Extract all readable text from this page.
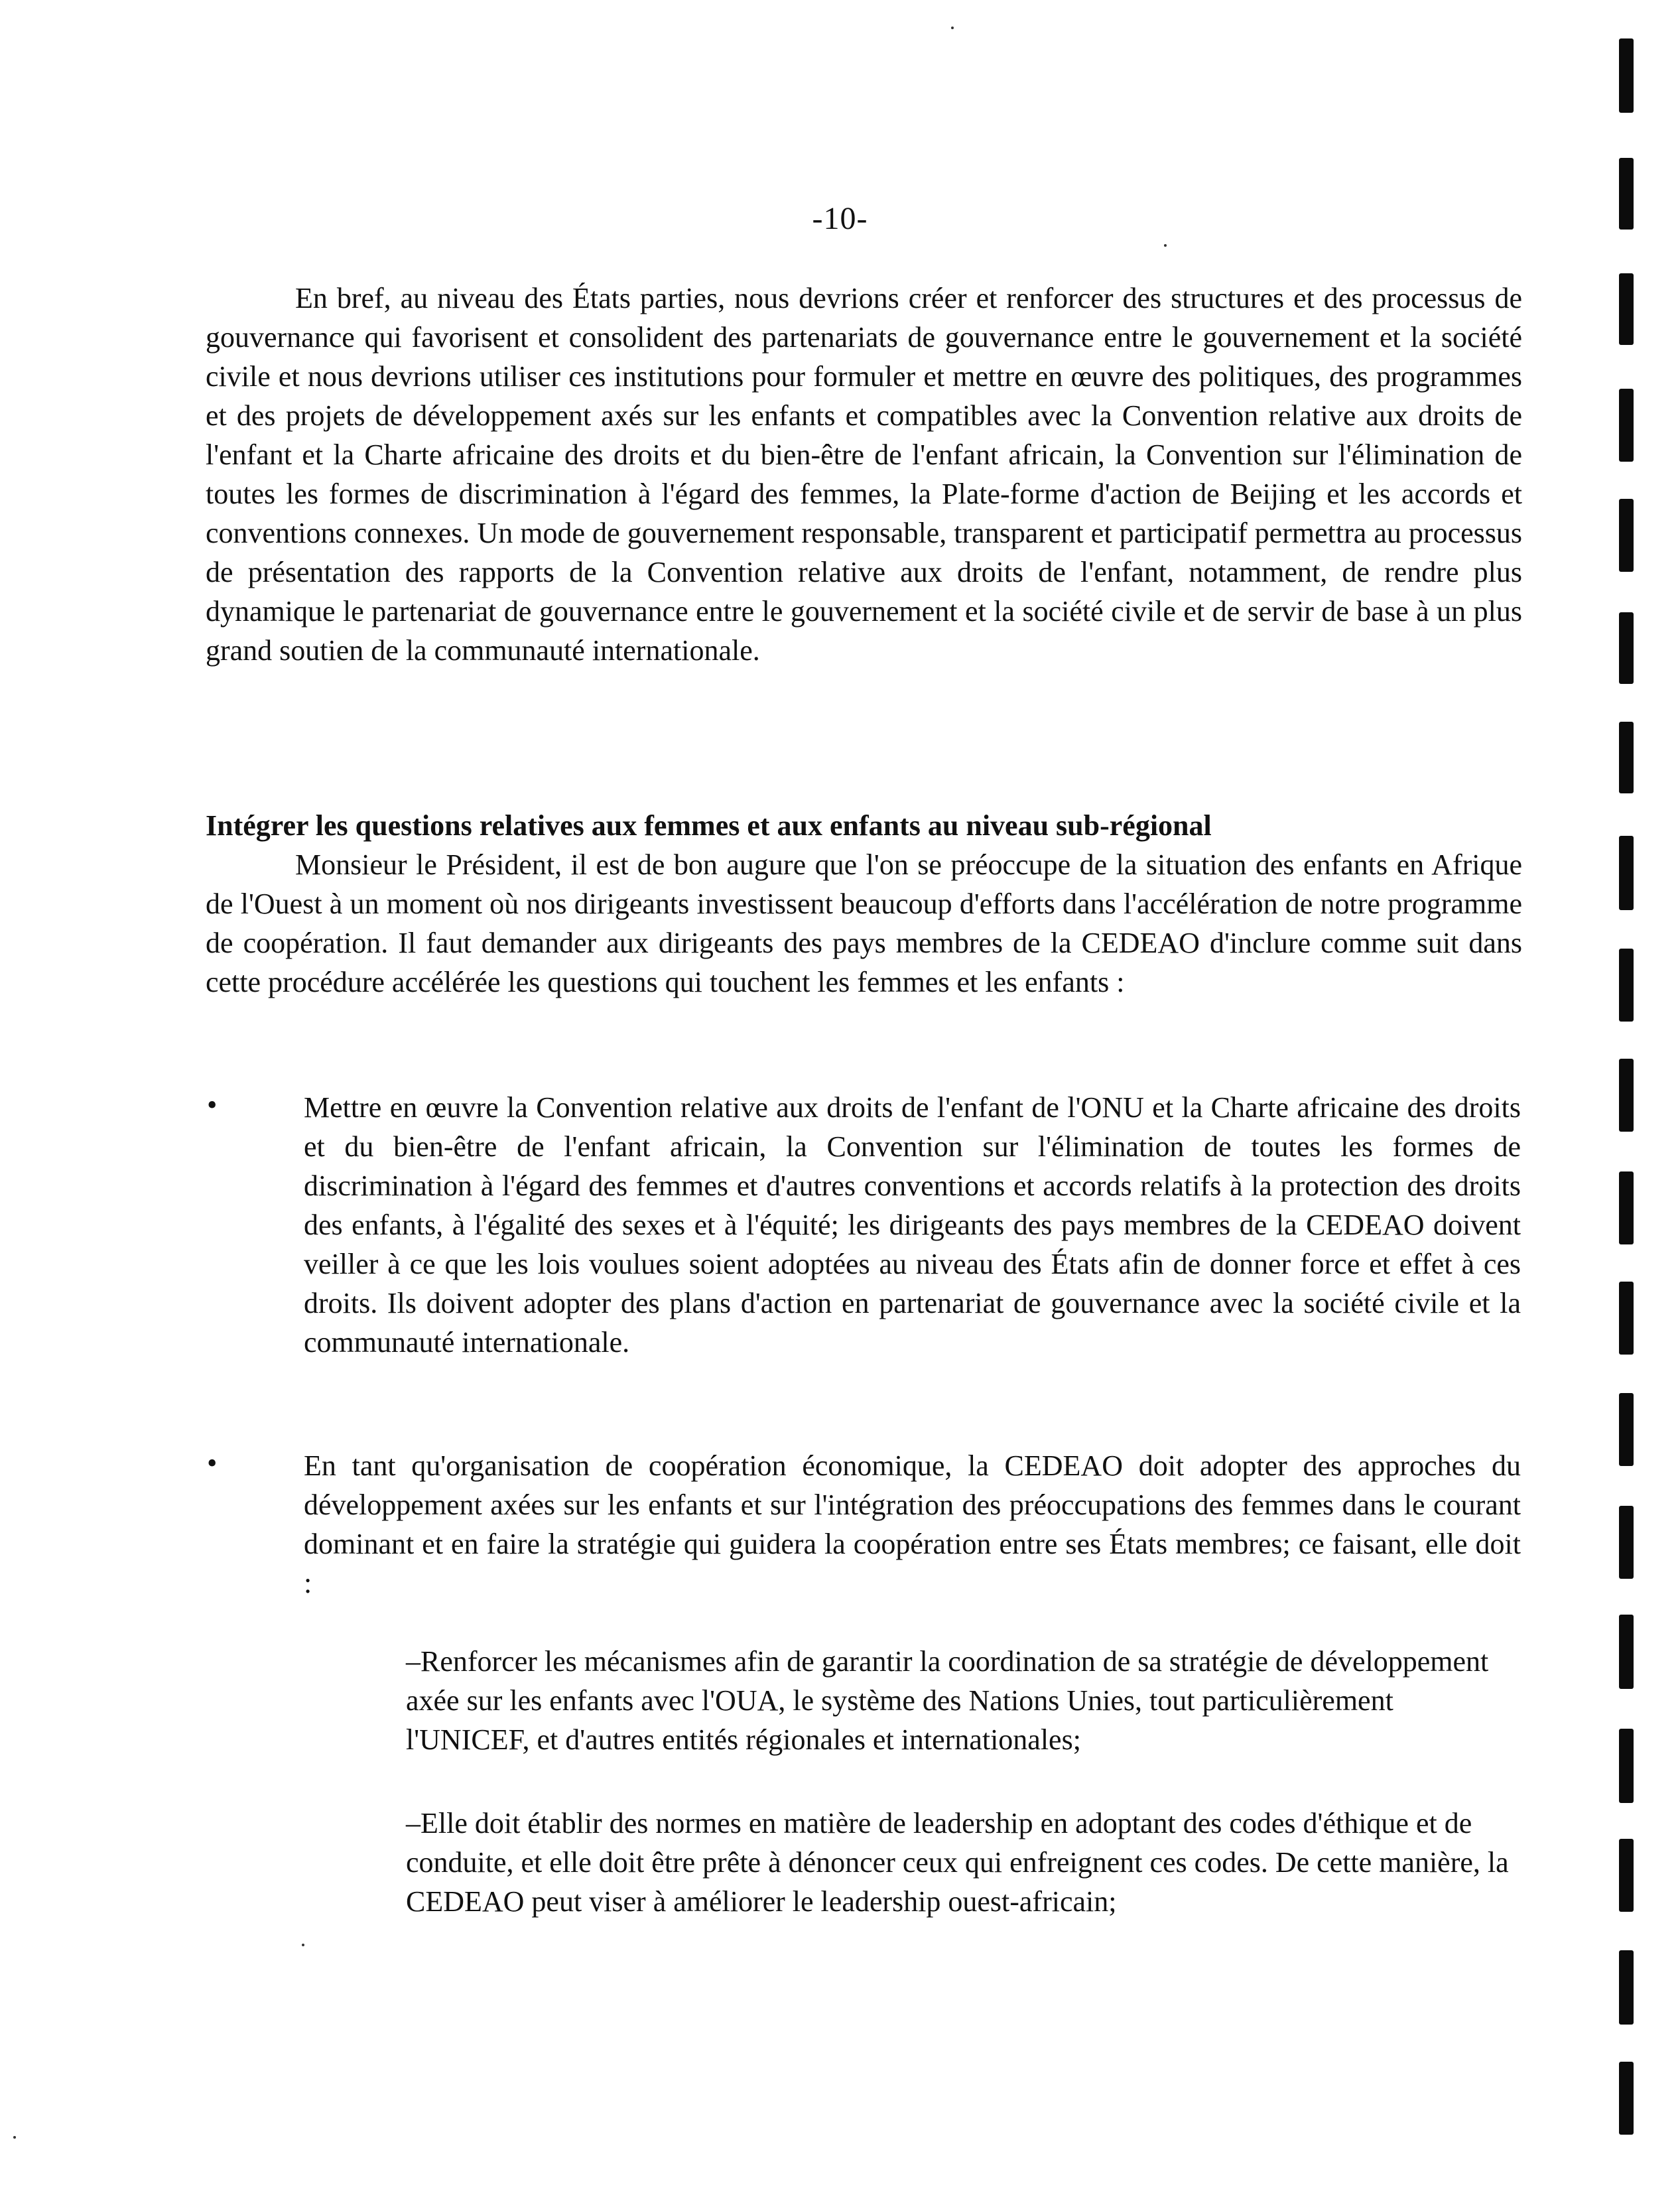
-10-
En bref, au niveau des États parties, nous devrions créer et renforcer des structures et des processus de gouvernance qui favorisent et consolident des partenariats de gouvernance entre le gouvernement et la société civile et nous devrions utiliser ces institutions pour formuler et mettre en œuvre des politiques, des programmes et des projets de développement axés sur les enfants et compatibles avec la Convention relative aux droits de l'enfant et la Charte africaine des droits et du bien-être de l'enfant africain, la Convention sur l'élimination de toutes les formes de discrimination à l'égard des femmes, la Plate-forme d'action de Beijing et les accords et conventions connexes. Un mode de gouvernement responsable, transparent et participatif permettra au processus de présentation des rapports de la Convention relative aux droits de l'enfant, notamment, de rendre plus dynamique le partenariat de gouvernance entre le gouvernement et la société civile et de servir de base à un plus grand soutien de la communauté internationale.
Intégrer les questions relatives aux femmes et aux enfants au niveau sub-régional
Monsieur le Président, il est de bon augure que l'on se préoccupe de la situation des enfants en Afrique de l'Ouest à un moment où nos dirigeants investissent beaucoup d'efforts dans l'accélération de notre programme de coopération. Il faut demander aux dirigeants des pays membres de la CEDEAO d'inclure comme suit dans cette procédure accélérée les questions qui touchent les femmes et les enfants :
•	Mettre en œuvre la Convention relative aux droits de l'enfant de l'ONU et la Charte africaine des droits et du bien-être de l'enfant africain, la Convention sur l'élimination de toutes les formes de discrimination à l'égard des femmes et d'autres conventions et accords relatifs à la protection des droits des enfants, à l'égalité des sexes et à l'équité; les dirigeants des pays membres de la CEDEAO doivent veiller à ce que les lois voulues soient adoptées au niveau des États afin de donner force et effet à ces droits. Ils doivent adopter des plans d'action en partenariat de gouvernance avec la société civile et la communauté internationale.
•	En tant qu'organisation de coopération économique, la CEDEAO doit adopter des approches du développement axées sur les enfants et sur l'intégration des préoccupations des femmes dans le courant dominant et en faire la stratégie qui guidera la coopération entre ses États membres; ce faisant, elle doit :
–Renforcer les mécanismes afin de garantir la coordination de sa stratégie de développement axée sur les enfants avec l'OUA, le système des Nations Unies, tout particulièrement l'UNICEF, et d'autres entités régionales et internationales;
–Elle doit établir des normes en matière de leadership en adoptant des codes d'éthique et de conduite, et elle doit être prête à dénoncer ceux qui enfreignent ces codes. De cette manière, la CEDEAO peut viser à améliorer le leadership ouest-africain;
